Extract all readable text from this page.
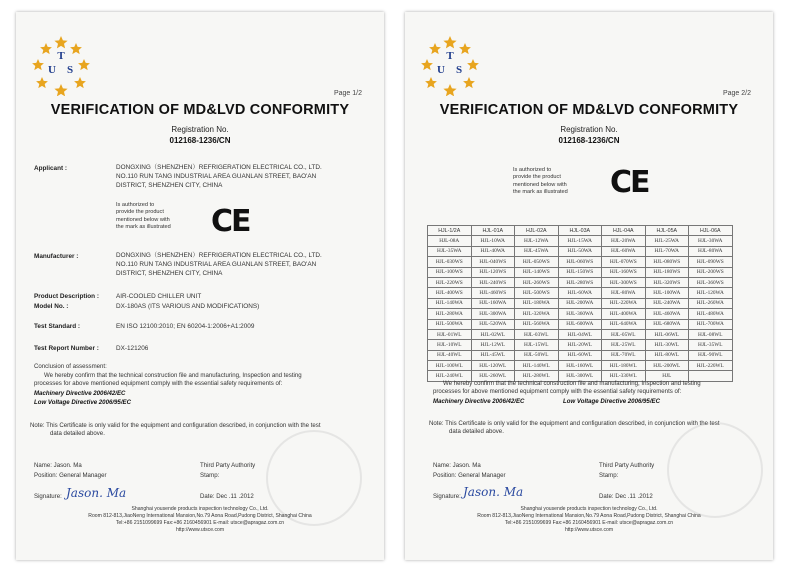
T
U S
Page 1/2
VERIFICATION OF MD&LVD CONFORMITY
Registration No.
012168-1236/CN
Applicant :	DONGXING（SHENZHEN）REFRIGERATION ELECTRICAL CO., LTD.
NO.110 RUN TANG INDUSTRIAL AREA GUANLAN STREET, BAO'AN
DISTRICT, SHENZHEN CITY, CHINA
Is authorized to
provide the product
mentioned below with
the mark as illustrated CE
Manufacturer :	DONGXING（SHENZHEN）REFRIGERATION ELECTRICAL CO., LTD.
NO.110 RUN TANG INDUSTRIAL AREA GUANLAN STREET, BAO'AN
DISTRICT, SHENZHEN CITY, CHINA
Product Description :	AIR-COOLED CHILLER UNIT
Model No. :	DX-180AS (ITS VARIOUS AND MODIFICATIONS)
Test Standard :	EN ISO 12100:2010; EN 60204-1:2006+A1:2009
Test Report Number :	DX-121206
Conclusion of assessment:
We hereby confirm that the technical construction file and manufacturing, Inspection and testing
processes for above mentioned equipment comply with the essential safety requirements of:
Machinery Directive 2006/42/EC
Low Voltage Directive 2006/95/EC
Note: This Certificate is only valid for the equipment and configuration described, in conjunction with the test
data detailed above.
Name: Jason. Ma
Position: General Manager
Third Party Authority
Stamp:
Signature: Jason. Ma	Date: Dec .11 .2012
Shanghai yousende products inspection technology Co., Ltd.
Room 812-813,JiaoNeng International Mansion,No.79 Aona Road,Pudong District, Shanghai China
Tel:+86 2151099699 Fax:+86 2160456901 E-mail: utsce@apragaz.com.cn
http://www.utsce.com
T
U S
Page 2/2
VERIFICATION OF MD&LVD CONFORMITY
Registration No.
012168-1236/CN
Is authorized to
provide the product
mentioned below with
the mark as illustrated CE
HJL-1/2A	HJL-01A	HJL-02A	HJL-03A	HJL-04A	HJL-05A	HJL-06A
HJL-08A	HJL-10WA	HJL-12WA	HJL-15WA	HJL-20WA	HJL-25WA	HJL-30WA
HJL-35WA	HJL-40WA	HJL-45WA	HJL-50WA	HJL-60WA	HJL-70WA	HJL-80WA
HJL-030WS	HJL-040WS	HJL-050WS	HJL-060WS	HJL-070WS	HJL-080WS	HJL-090WS
HJL-100WS	HJL-120WS	HJL-140WS	HJL-150WS	HJL-160WS	HJL-180WS	HJL-200WS
HJL-220WS	HJL-240WS	HJL-260WS	HJL-280WS	HJL-300WS	HJL-320WS	HJL-360WS
HJL-400WS	HJL-460WS	HJL-500WS	HJL-60WA	HJL-80WA	HJL-100WA	HJL-120WA
HJL-140WA	HJL-160WA	HJL-180WA	HJL-200WA	HJL-220WA	HJL-240WA	HJL-260WA
HJL-280WA	HJL-300WA	HJL-320WA	HJL-360WA	HJL-400WA	HJL-460WA	HJL-480WA
HJL-500WA	HJL-520WA	HJL-560WA	HJL-600WA	HJL-640WA	HJL-680WA	HJL-700WA
HJL-01WL	HJL-02WL	HJL-03WL	HJL-04WL	HJL-05WL	HJL-06WL	HJL-08WL
HJL-10WL	HJL-12WL	HJL-15WL	HJL-20WL	HJL-25WL	HJL-30WL	HJL-35WL
HJL-40WL	HJL-45WL	HJL-50WL	HJL-60WL	HJL-70WL	HJL-80WL	HJL-90WL
HJL-100WL	HJL-120WL	HJL-140WL	HJL-160WL	HJL-180WL	HJL-200WL	HJL-220WL
HJL-240WL	HJL-260WL	HJL-280WL	HJL-300WL	HJL-330WL	HJL	
We hereby confirm that the technical construction file and manufacturing, Inspection and testing
processes for above mentioned equipment comply with the essential safety requirements of:
Machinery Directive 2006/42/EC	Low Voltage Directive 2006/95/EC
Note: This Certificate is only valid for the equipment and configuration described, in conjunction with the test
data detailed above.
Name: Jason. Ma
Position: General Manager
Third Party Authority
Stamp:
Signature: Jason. Ma	Date: Dec .11 .2012
Shanghai yousende products inspection technology Co., Ltd.
Room 812-813,JiaoNeng International Mansion,No.79 Aona Road,Pudong District, Shanghai China
Tel:+86 2151099699 Fax:+86 2160456901 E-mail: utsce@apragaz.com.cn
http://www.utsce.com
